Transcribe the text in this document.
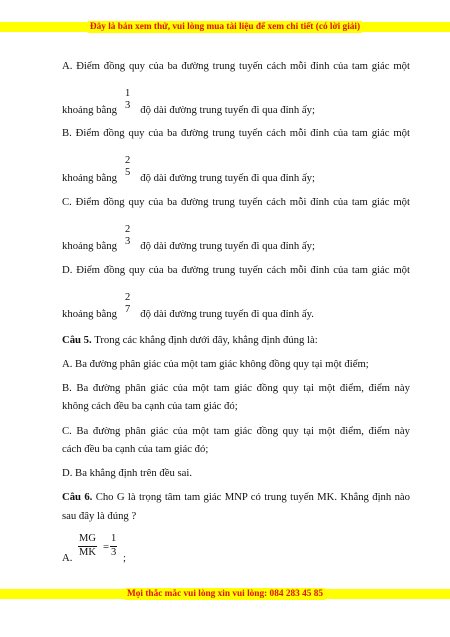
Đây là bản xem thử, vui lòng mua tài liệu để xem chi tiết (có lời giải)
A. Điểm đồng quy của ba đường trung tuyến cách mỗi đỉnh của tam giác một
khoảng bằng độ dài đường trung tuyến đi qua đỉnh ấy;
1
3
B. Điểm đồng quy của ba đường trung tuyến cách mỗi đỉnh của tam giác một
khoảng bằng độ dài đường trung tuyến đi qua đỉnh ấy;
2
5
C. Điểm đồng quy của ba đường trung tuyến cách mỗi đỉnh của tam giác một
khoảng bằng độ dài đường trung tuyến đi qua đỉnh ấy;
2
3
D. Điểm đồng quy của ba đường trung tuyến cách mỗi đỉnh của tam giác một
khoảng bằng độ dài đường trung tuyến đi qua đỉnh ấy.
2
7
Câu 5. Trong các khẳng định dưới đây, khẳng định đúng là:
A. Ba đường phân giác của một tam giác không đồng quy tại một điểm;
B. Ba đường phân giác của một tam giác đồng quy tại một điểm, điểm này
không cách đều ba cạnh của tam giác đó;
C. Ba đường phân giác của một tam giác đồng quy tại một điểm, điểm này
cách đều ba cạnh của tam giác đó;
D. Ba khẳng định trên đều sai.
Câu 6. Cho G là trọng tâm tam giác MNP có trung tuyến MK. Khẳng định nào
sau đây là đúng ?
A.
MG
MK =
1
3 ;
Mọi thắc mắc vui lòng xin vui lòng: 084 283 45 85
